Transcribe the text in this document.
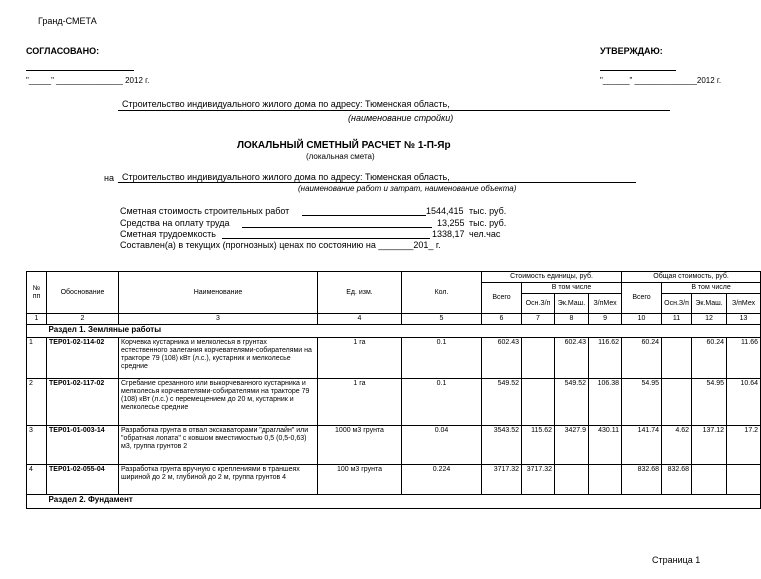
Гранд-СМЕТА
СОГЛАСОВАНО:	УТВЕРЖДАЮ:
"_____" _______________ 2012 г.	"______" ______________2012 г.
Строительство индивидуального жилого дома по адресу: Тюменская область,
(наименование стройки)
ЛОКАЛЬНЫЙ СМЕТНЫЙ РАСЧЕТ № 1-П-Яр
(локальная смета)
на Строительство индивидуального жилого дома по адресу: Тюменская область,
(наименование работ и затрат, наименование объекта)
Сметная стоимость строительных работ	1544,415 тыс. руб.
Средства на оплату труда	13,255 тыс. руб.
Сметная трудоемкость	1338,17 чел.час
Составлен(а) в текущих (прогнозных) ценах по состоянию на _______201_ г.
№ пп	Обоснование	Наименование	Ед. изм.	Кол.	Стоимость единицы, руб.				Общая стоимость, руб.			
					Всего	В том числе			Всего	В том числе		
						Осн.З/п	Эк.Маш.	З/пМех		Осн.З/п	Эк.Маш.	З/пМех
1	2	3	4	5	6	7	8	9	10	11	12	13
	Раздел 1. Земляные работы											
1	ТЕР01-02-114-02	Корчевка кустарника и мелколесья в грунтах естественного залегания корчевателями-собирателями на тракторе 79 (108) кВт (л.с.), кустарник и мелколесье средние	1 га	0.1	602.43		602.43	116.62	60.24		60.24	11.66
2	ТЕР01-02-117-02	Сгребание срезанного или выкорчеванного кустарника и мелколесья корчевателями-собирателями на тракторе 79 (108) кВт (л.с.) с перемещением до 20 м, кустарник и мелколесье средние	1 га	0.1	549.52		549.52	106.38	54.95		54.95	10.64
3	ТЕР01-01-003-14	Разработка грунта в отвал экскаваторами "драглайн" или "обратная лопата" с ковшом вместимостью 0,5 (0,5-0,63) м3, группа грунтов 2	1000 м3 грунта	0.04	3543.52	115.62	3427.9	430.11	141.74	4.62	137.12	17.2
4	ТЕР01-02-055-04	Разработка грунта вручную с креплениями в траншеях шириной до 2 м, глубиной до 2 м, группа грунтов 4	100 м3 грунта	0.224	3717.32	3717.32			832.68	832.68		
	Раздел 2. Фундамент											
Страница 1
